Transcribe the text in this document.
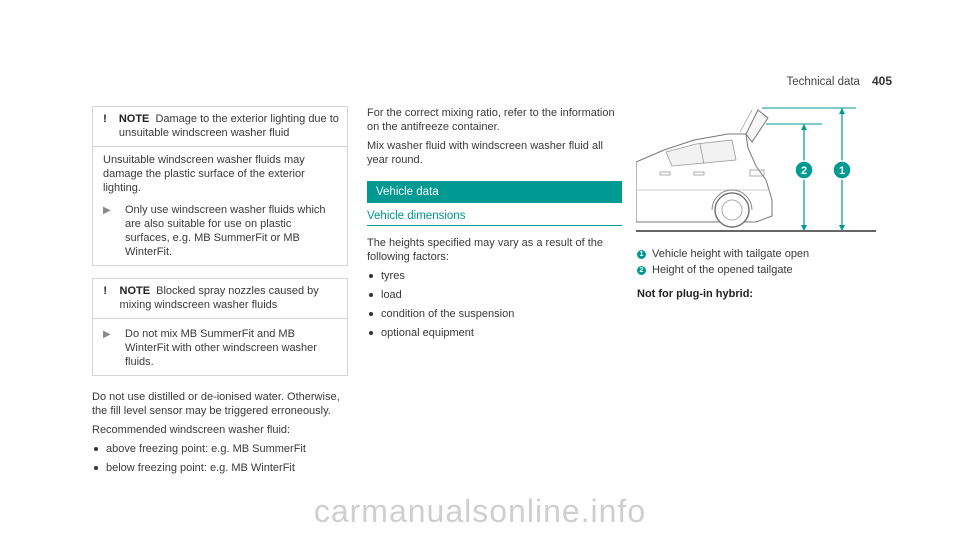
Technical data 405
! NOTE Damage to the exterior lighting due to unsuitable windscreen washer fluid

Unsuitable windscreen washer fluids may damage the plastic surface of the exterior lighting.

▶	Only use windscreen washer fluids which are also suitable for use on plastic surfaces, e.g. MB SummerFit or MB WinterFit.
! NOTE Blocked spray nozzles caused by mixing windscreen washer fluids
▶	Do not mix MB SummerFit and MB WinterFit with other windscreen washer fluids.

Do not use distilled or de-ionised water. Otherwise, the fill level sensor may be triggered erroneously.

Recommended windscreen washer fluid:

above freezing point: e.g. MB SummerFit
below freezing point: e.g. MB WinterFit

For the correct mixing ratio, refer to the information on the antifreeze container.

Mix washer fluid with windscreen washer fluid all year round.

Vehicle data
Vehicle dimensions

The heights specified may vary as a result of the following factors:

tyres
load
condition of the suspension
optional equipment
2	1
1 Vehicle height with tailgate open
2 Height of the opened tailgate
Not for plug-in hybrid:
carmanualsonline.info
